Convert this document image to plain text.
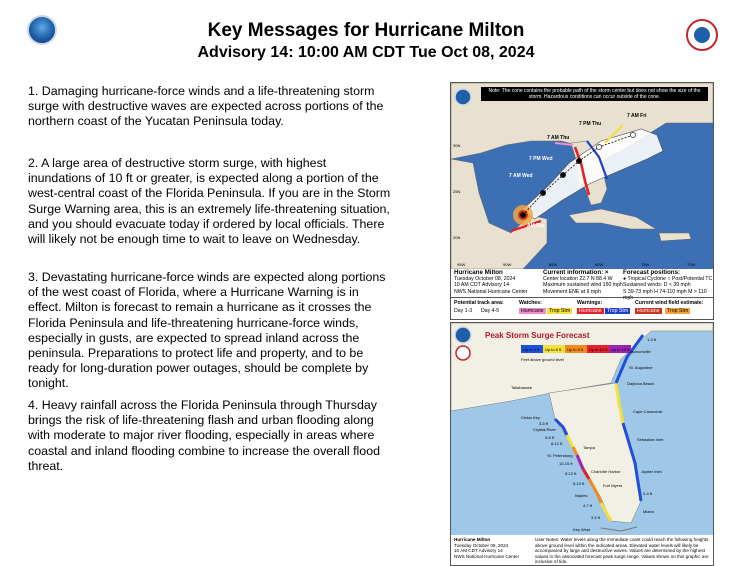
Key Messages for Hurricane Milton
Advisory 14: 10:00 AM CDT Tue Oct 08, 2024

1. Damaging hurricane-force winds and a life-threatening storm surge with destructive waves are expected across portions of the northern coast of the Yucatan Peninsula today.

2. A large area of destructive storm surge, with highest inundations of 10 ft or greater, is expected along a portion of the west-central coast of the Florida Peninsula. If you are in the Storm Surge Warning area, this is an extremely life-threatening situation, and you should evacuate today if ordered by local officials. There will likely not be enough time to wait to leave on Wednesday.

3. Devastating hurricane-force winds are expected along portions of the west coast of Florida, where a Hurricane Warning is in effect. Milton is forecast to remain a hurricane as it crosses the Florida Peninsula and life-threatening hurricane-force winds, especially in gusts, are expected to spread inland across the peninsula. Preparations to protect life and property, and to be ready for long-duration power outages, should be complete by tonight.

4. Heavy rainfall across the Florida Peninsula through Thursday brings the risk of life-threatening flash and urban flooding along with moderate to major river flooding, especially in areas where coastal and inland flooding combine to increase the overall flood threat.

AM Tue
7 AM Wed
7 PM Wed
7 AM Thu
7 PM Thu
7 AM Fri
30N
25N
20N
95W	90W	85W	80W	75W	70W
Note: The cone contains the probable path of the storm center but does not show the size of the storm. Hazardous conditions can occur outside of the cone.
Hurricane Milton
Tuesday October 08, 2024
10 AM CDT Advisory 14
NWS National Hurricane Center
Current information: ×
Center location 22.7 N 88.4 W
Maximum sustained wind 150 mph
Movement ENE at 9 mph
Forecast positions:
● Tropical Cyclone ○ Post/Potential TC
Sustained winds: D < 39 mph
S 39-73 mph H 74-110 mph M > 110 mph
Potential track area:	Watches:	Warnings:	Current wind field estimate:
Day 1-3 Day 4-5	Hurricane	Trop Stm	Hurricane	Trop Stm	Hurricane	Trop Stm
Up to 3 ft Up to 6 ft Up to 9 ft Up to 12 ft Up to 15 ft
Feet above ground level
Tallahassee
Jacksonville
St. Augustine
Daytona Beach
Cape Canaveral
Tampa
St. Petersburg
Charlotte Harbor
Fort Myers
Naples
Miami
Key West
Cedar Key
Crystal River
Sebastian Inlet
Jupiter Inlet
3-5 ft
5-8 ft
8-12 ft
10-15 ft
8-12 ft
6-10 ft
4-7 ft
3-5 ft
2-4 ft
1-3 ft
Peak Storm Surge Forecast
Hurricane Milton
Tuesday October 08, 2024
10 AM CDT Advisory 14
NWS National Hurricane Center
User Notes: Water levels along the immediate coast could reach the following heights above ground level within the indicated areas. Elevated water levels will likely be accompanied by large and destructive waves. Values are determined by the highest values in the associated forecast peak surge range. Values shown on this graphic are inclusive of tide.
